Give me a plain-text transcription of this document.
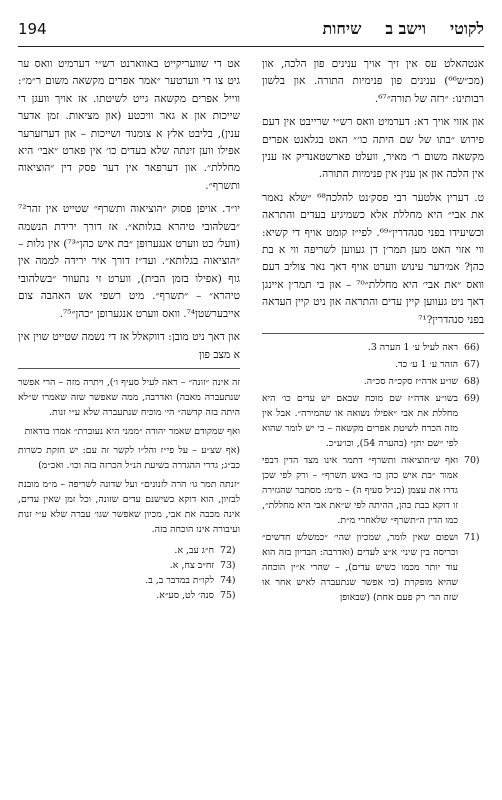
לקוטי
וישב ב
שיחות
194

אנטהאלט עס אין זיך אויך ענינים פון הלכה, און (מכ״ש⁶⁶) ענינים פון פנימיות התורה. און בלשון רבותינו: ״רזה של תורה״⁶⁷.

און אזוי אויך דא: דערמיט וואס רש״י שרייבט אין דעם פירוש ״בתו של שם היתה כו׳״ האט בגלאנט אפרים מקשאה משום ר׳ מאיר, וועלט פארשטאנדיק אז ענין אין הלכה און אן ענין אין פנימיות התורה.

ט. דערין אלטער רבי פסק׳נט להלכה⁶⁸ ״שלא נאמר את אבי״ היא מחללת אלא כשמיגיע בעדים והתראה וכשיעידו בפני סנהדרין״⁶⁹. לפי״ז קומט אויף די קשיא: ווי אזוי האט מען תמר׳ן דן געווען לשריפה ווי א בת כהן? אמ׳דער עינוש ווערט אויף דאך נאר צוליב דעם וואס ״את אבי׳ היא מחללת״⁷⁰ – און בי תמר׳ן איינגן דאך ניט געווען קיין עדים והתראה און ניט קיין העדאה בפני סנהדרין?⁷¹

66)
ראה לעיל ע׳ 1 הערה 3.
67)
הזהר ע׳ 1 ע׳ כד.
68)
שו״ע אדה״ז סקכ״ה סכ״ה.
69)
בשו״ע אדה״ז שם מוכח שבאם יש עדים כו׳ היא מחללת את אבי ״אפילו נשואה או שהמירה״. אבל אין מזה הכרח לשיטת אפרים מקשאה – כי יש לומר שהוא לפי ״שם יתן״ (בהערה 54), וכו׳ע״כ.
70)
ואף ש״הוציאוה ותשרף״ דתמר אינו מצד הדין דבפי אמור ״בת איש כהן כו׳ באש תשרף״ – ורק לפי שכן גדרו את עצמן (כנ״ל סעיף ה) – מ״מ: מסתבר שהגזירה זו דוקא בבת כהן, ההיתה לפי ש״את אבי היא מחללת״, כמו הדין ה״תשרף״ שלאחרי מ״ת.
71)
ושפום שאין לומר, שמכיון שהי׳ ״כמשלש חדשים״ וכריסה בין שיני׳ א״צ לעדים (ואדרבה: הבדיון בזה הוא עוד יותר מכמו כשיש עדים), – שהרי א״ין הוכחה שהיא מופקרת (כי אפשר שנתעברה לאיש אחר או שזה הר׳ רק פעם אחת) (שבאופן

אט די שוועריקייט באווארנט רש״י דערמיט וואס ער גיט צו די ווערטער ״אמר אפרים מקשאה משום ר״מ״: ווייל אפרים מקשאה גייט לשיטתו. אז אויך וועגן די שייכות און א גאר וויכטע (און מציאות. זמן אדער ענין), בליבט אלץ א צומנוד ושייכות – און דערזערער אפילו ווען זינתה שלא בעדים כו׳ אין פארט ״אבי׳ היא מחללת״. און דערפאר אין דער פסק דין ״הוציאוה ותשרף״.

יו״ד. אויפן פסוק ״הוציאוה ותשרף״ שטייט אין זהר⁷² ״בשלהובי טיהרא בגלותא״. אז דורך ירידת הנשמה (וועל׳ כט ווערט אנגערופן ״בת איש כהן״⁷³) אין גלות – ״הוציאוה בגלותא״. ועד״ז דורך איר ירידה לממה אין גוף (אפילו בזמן הבית), ווערט זי נתעוור ״בשלהובי טיהרא״ – ״תשרף״. מיט רשפי אש האהבה צום אייבערשטן⁷⁴. וואס ווערט אנגערופן ״כהן״⁷⁵.

און דאך ניט מובן: דווקאלל אז די נשמה שטייט שוין אין א מצב פון

זה אינה ״זונה״ – ראה לעיל סעיף ו׳), ויתרה מזה – הרי אפשר שנתעברה מאבה) ואדרבה, ממה שאפשר שזה שאמרו ש״לא היתה בזה קדשה״ הי׳ מוכיח שנתעברה שלא ע״י זנות.

ואף שמקודם שאמר יהודה ״ממני היא נעוברת״ אמרו בודאות

(אף שצ״ע – על פי״ז והל״ו לקשר זה עם: יש חזקת כשרות כב״ג; גדרי ההגדרה בשיעת הנ״ל הכרזה בזה וכו׳. ואכ״מ)

״זנתה תמר גו׳ הרה לזנונים״ ועל שדונה לשריפה – מ״מ מובנת לבזיון, הוא דוקא כשישנם עדים שזונה, וכל זמן שאין עדים, אינה מכבה את אבי, מכיון שאפשר שגו׳ עברה שלא ע״י זנות ועיבורה אינו הוכחה בזה.

72)
ח״ג עב, א.
73)
זח״ב צח, א.
74)
לקו״ת במדבר ב, ב.
75)
סנה׳ לט, סע״א.
